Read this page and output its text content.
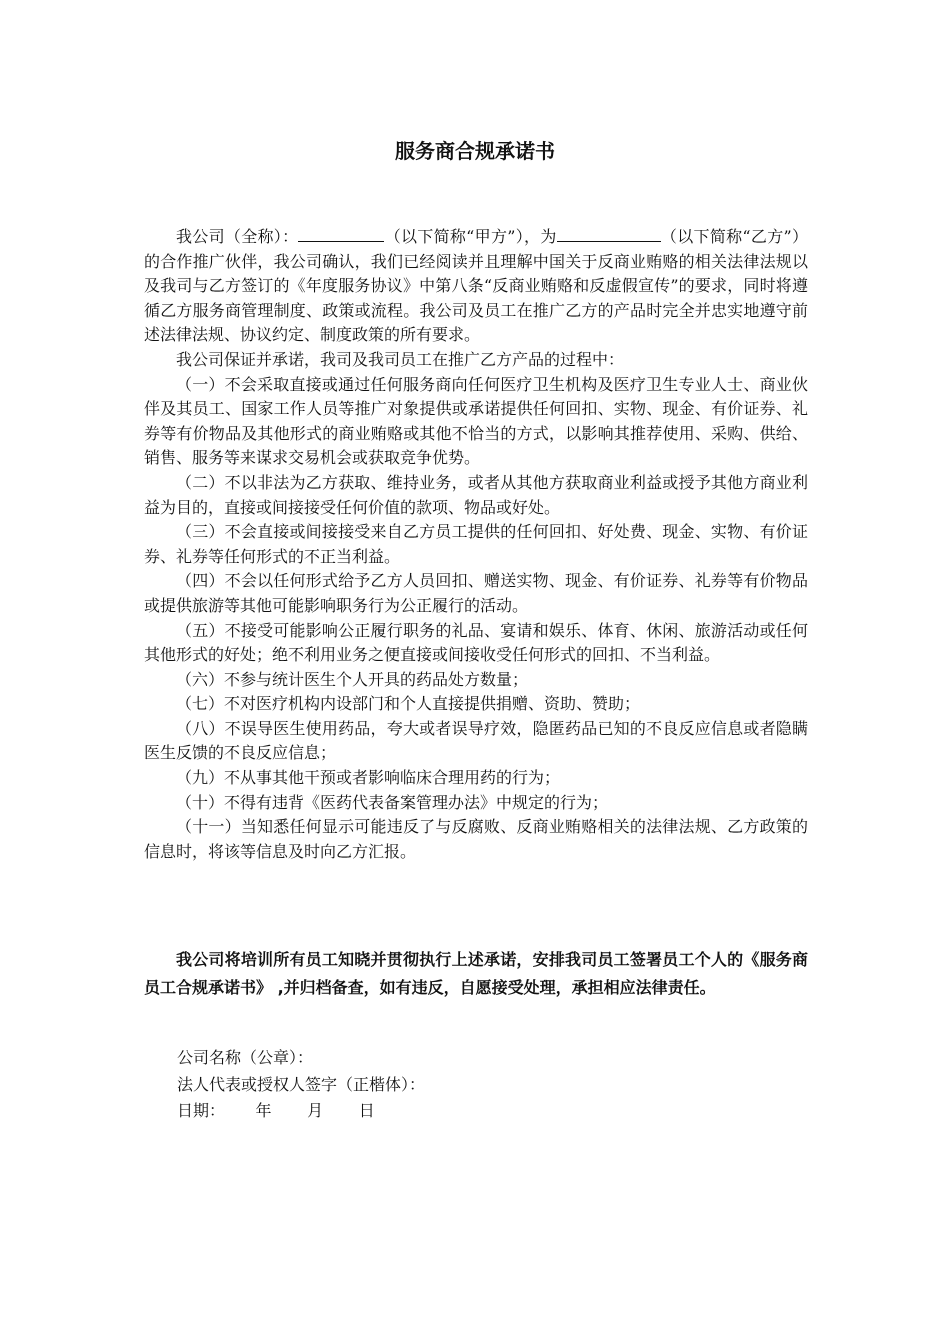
服务商合规承诺书

我公司（全称）：	（以下简称“甲方”），为	（以下简称“乙方”）的合作推广伙伴，我公司确认，我们已经阅读并且理解中国关于反商业贿赂的相关法律法规以及我司与乙方签订的《年度服务协议》中第八条“反商业贿赂和反虚假宣传”的要求，同时将遵循乙方服务商管理制度、政策或流程。我公司及员工在推广乙方的产品时完全并忠实地遵守前述法律法规、协议约定、制度政策的所有要求。

我公司保证并承诺，我司及我司员工在推广乙方产品的过程中：

（一）不会采取直接或通过任何服务商向任何医疗卫生机构及医疗卫生专业人士、商业伙伴及其员工、国家工作人员等推广对象提供或承诺提供任何回扣、实物、现金、有价证券、礼券等有价物品及其他形式的商业贿赂或其他不恰当的方式，以影响其推荐使用、采购、供给、销售、服务等来谋求交易机会或获取竞争优势。

（二）不以非法为乙方获取、维持业务，或者从其他方获取商业利益或授予其他方商业利益为目的，直接或间接接受任何价值的款项、物品或好处。

（三）不会直接或间接接受来自乙方员工提供的任何回扣、好处费、现金、实物、有价证券、礼券等任何形式的不正当利益。

（四）不会以任何形式给予乙方人员回扣、赠送实物、现金、有价证券、礼券等有价物品或提供旅游等其他可能影响职务行为公正履行的活动。

（五）不接受可能影响公正履行职务的礼品、宴请和娱乐、体育、休闲、旅游活动或任何其他形式的好处；绝不利用业务之便直接或间接收受任何形式的回扣、不当利益。

（六）不参与统计医生个人开具的药品处方数量；

（七）不对医疗机构内设部门和个人直接提供捐赠、资助、赞助；

（八）不误导医生使用药品，夸大或者误导疗效，隐匿药品已知的不良反应信息或者隐瞒医生反馈的不良反应信息；

（九）不从事其他干预或者影响临床合理用药的行为；

（十）不得有违背《医药代表备案管理办法》中规定的行为；

（十一）当知悉任何显示可能违反了与反腐败、反商业贿赂相关的法律法规、乙方政策的信息时，将该等信息及时向乙方汇报。

我公司将培训所有员工知晓并贯彻执行上述承诺，安排我司员工签署员工个人的《服务商员工合规承诺书》 ,并归档备查，如有违反，自愿接受处理，承担相应法律责任。
公司名称（公章）：
法人代表或授权人签字（正楷体）：
日期：      年       月       日
